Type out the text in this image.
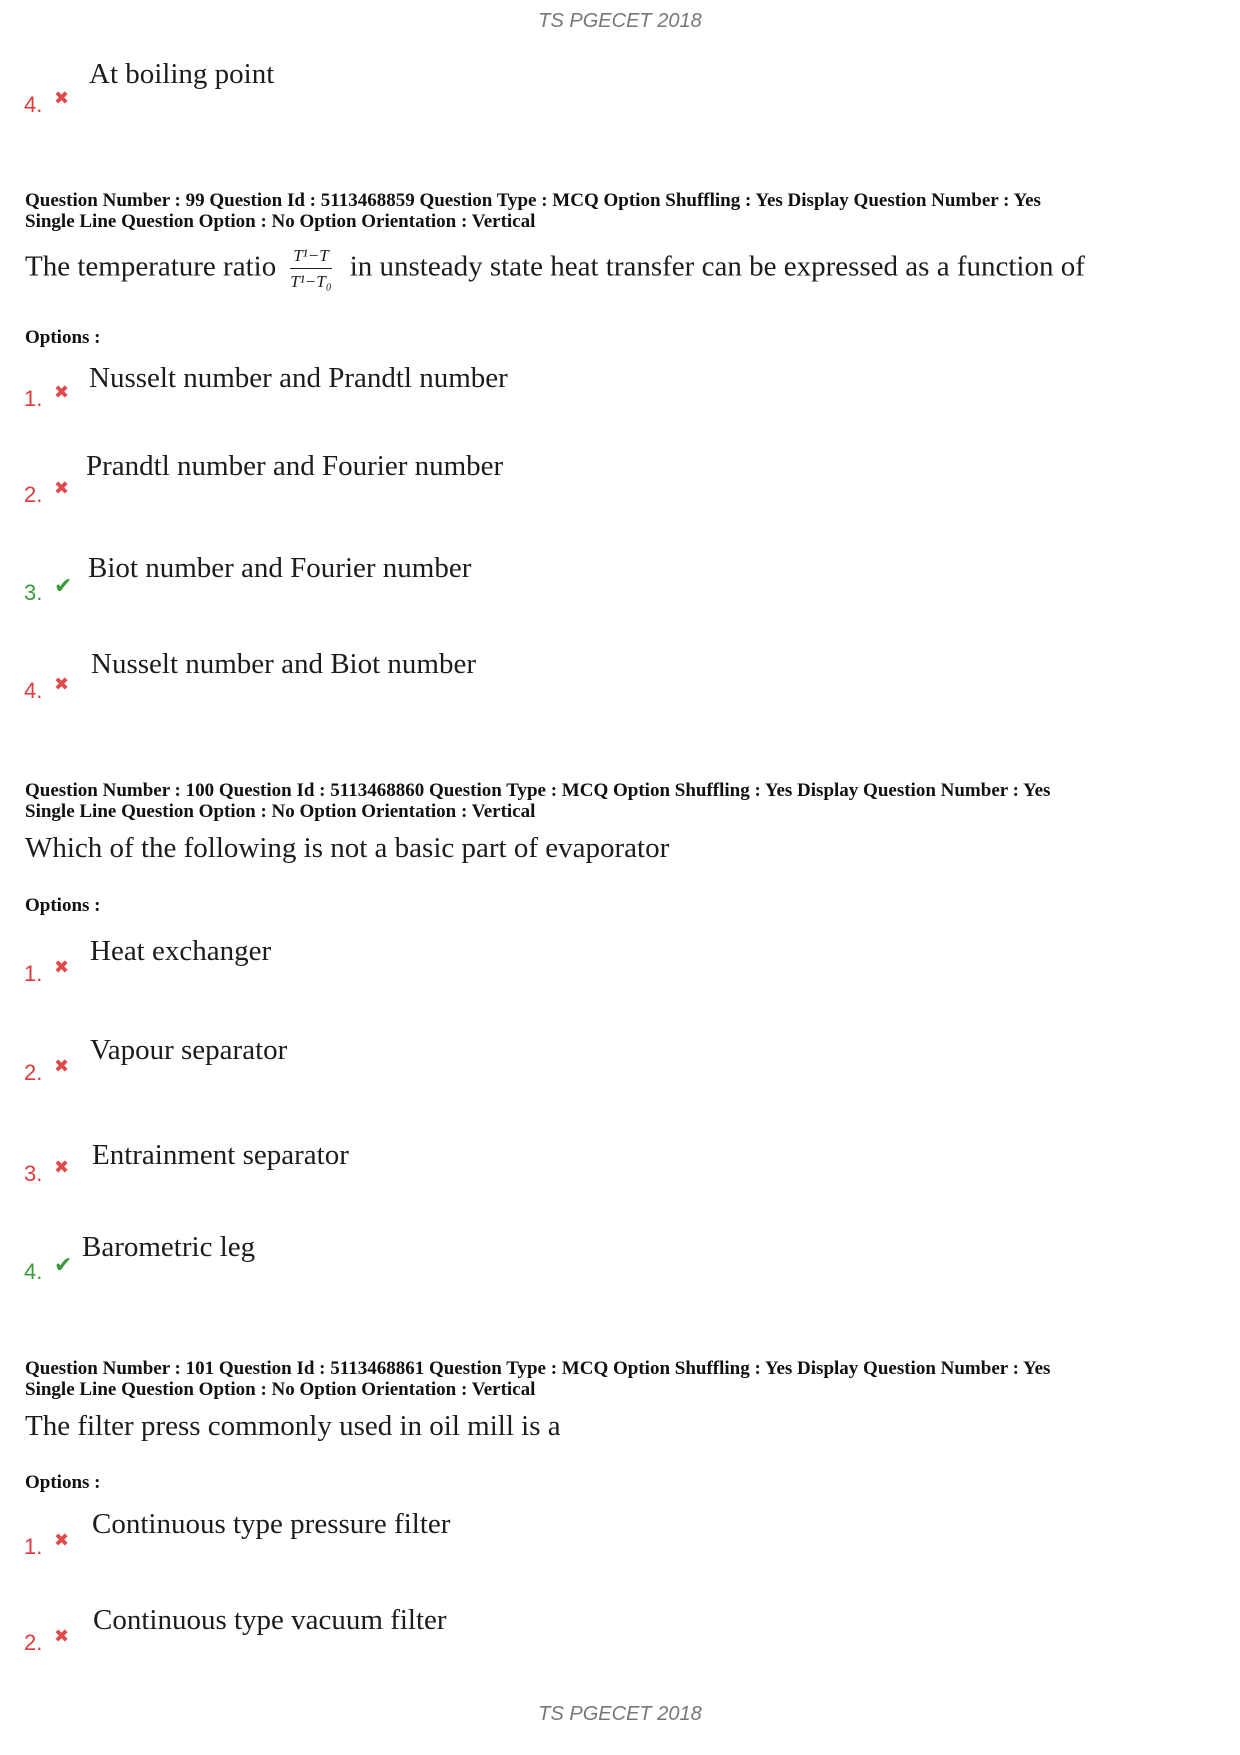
TS PGECET 2018
4. ✖
At boiling point
Question Number : 99 Question Id : 5113468859 Question Type : MCQ Option Shuffling : Yes Display Question Number : Yes
Single Line Question Option : No Option Orientation : Vertical
The temperature ratio $\frac{\text{T¹−T}}{\text{T¹−T₀}}$ in unsteady state heat transfer can be expressed as a function of
Options :
1. ✖ Nusselt number and Prandtl number
2. ✖
Prandtl number and Fourier number
3. ✔
Biot number and Fourier number
4. ✖
Nusselt number and Biot number
Question Number : 100 Question Id : 5113468860 Question Type : MCQ Option Shuffling : Yes Display Question Number : Yes
Single Line Question Option : No Option Orientation : Vertical
Which of the following is not a basic part of evaporator
Options :
1. ✖
Heat exchanger
2. ✖
Vapour separator
3. ✖ Entrainment separator
4. ✔
Barometric leg
Question Number : 101 Question Id : 5113468861 Question Type : MCQ Option Shuffling : Yes Display Question Number : Yes
Single Line Question Option : No Option Orientation : Vertical
The filter press commonly used in oil mill is a
Options :
1. ✖
Continuous type pressure filter
2. ✖
Continuous type vacuum filter
TS PGECET 2018
